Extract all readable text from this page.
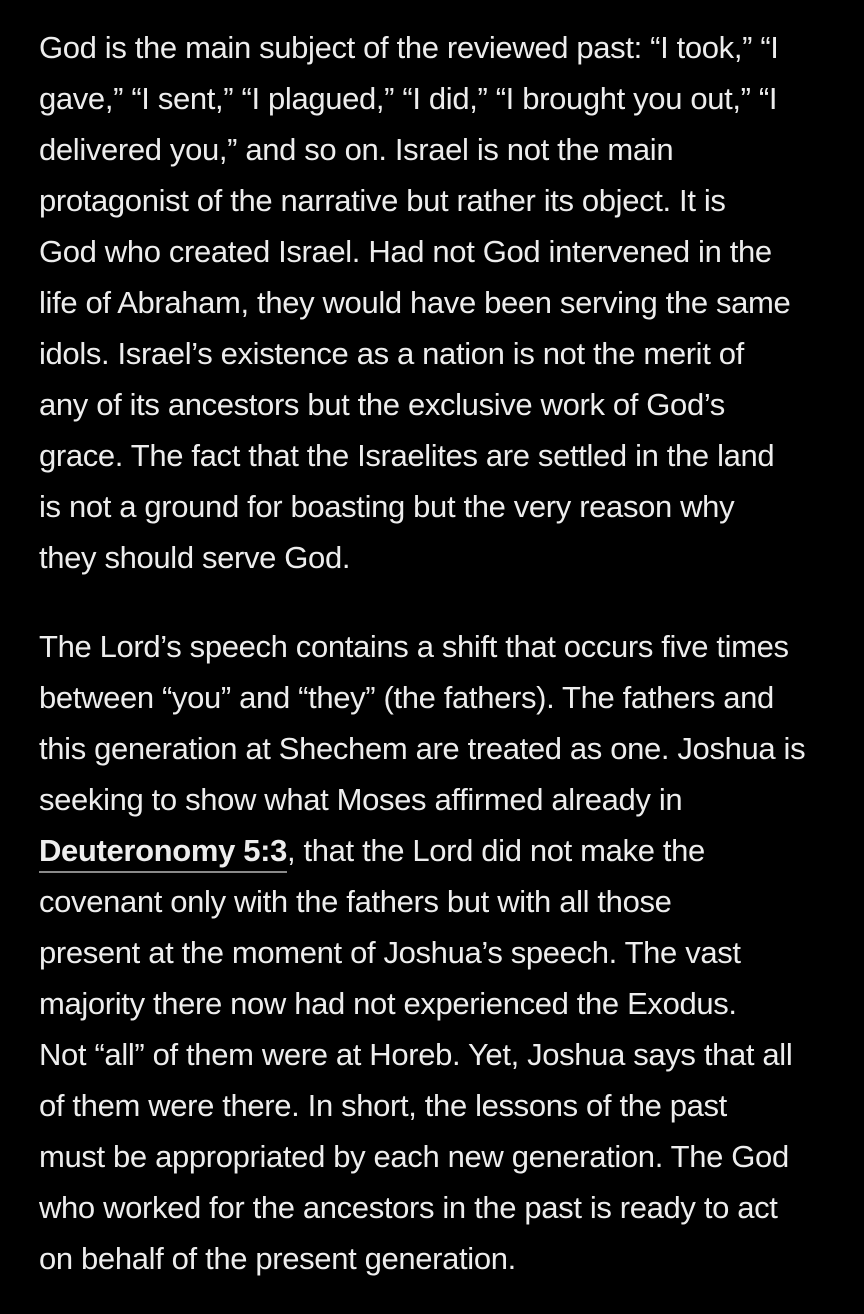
God is the main subject of the reviewed past: “I took,” “I
gave,” “I sent,” “I plagued,” “I did,” “I brought you out,” “I
delivered you,” and so on. Israel is not the main
protagonist of the narrative but rather its object. It is
God who created Israel. Had not God intervened in the
life of Abraham, they would have been serving the same
idols. Israel’s existence as a nation is not the merit of
any of its ancestors but the exclusive work of God’s
grace. The fact that the Israelites are settled in the land
is not a ground for boasting but the very reason why
they should serve God.
The Lord’s speech contains a shift that occurs five times
between “you” and “they” (the fathers). The fathers and
this generation at Shechem are treated as one. Joshua is
seeking to show what Moses affirmed already in
Deuteronomy 5:3, that the Lord did not make the
covenant only with the fathers but with all those
present at the moment of Joshua’s speech. The vast
majority there now had not experienced the Exodus.
Not “all” of them were at Horeb. Yet, Joshua says that all
of them were there. In short, the lessons of the past
must be appropriated by each new generation. The God
who worked for the ancestors in the past is ready to act
on behalf of the present generation.
